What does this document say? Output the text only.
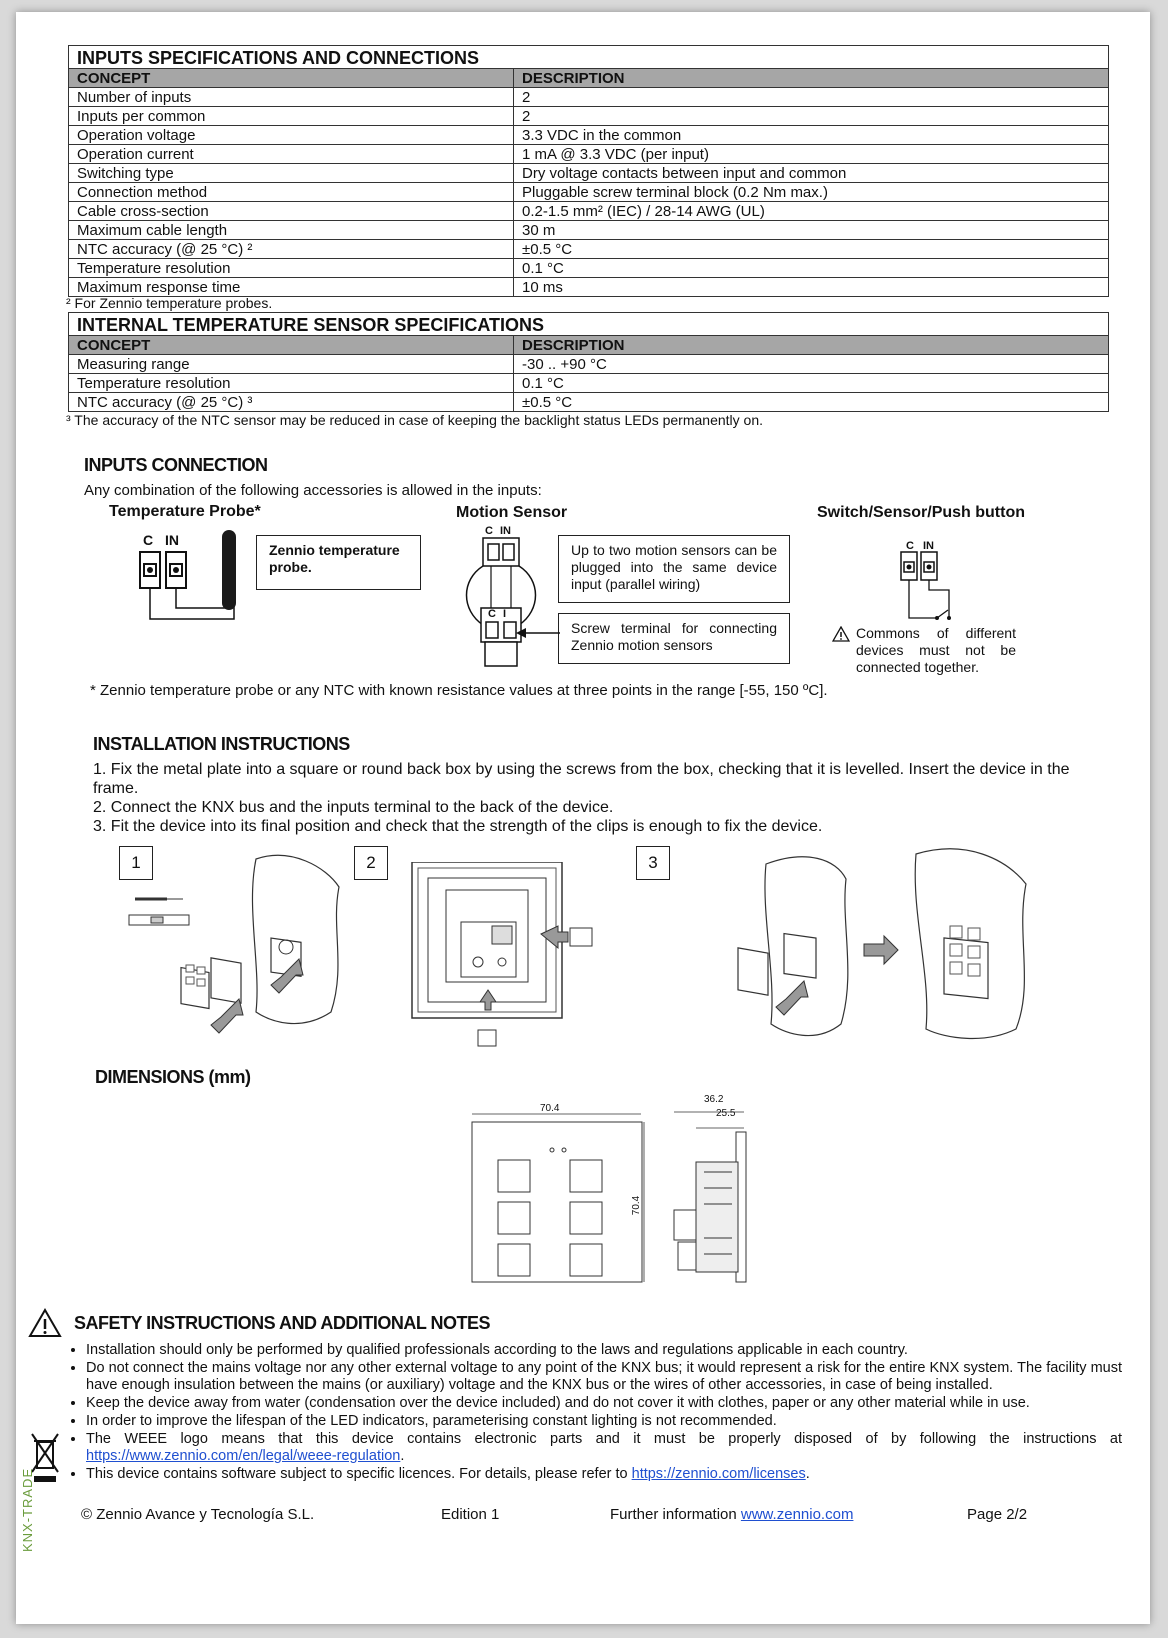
INPUTS SPECIFICATIONS AND CONNECTIONS	
CONCEPT	DESCRIPTION
Number of inputs	2
Inputs per common	2
Operation voltage	3.3 VDC in the common
Operation current	1 mA @ 3.3 VDC (per input)
Switching type	Dry voltage contacts between input and common
Connection method	Pluggable screw terminal block (0.2 Nm max.)
Cable cross-section	0.2-1.5 mm² (IEC) / 28-14 AWG (UL)
Maximum cable length	30 m
NTC accuracy (@ 25 °C) ²	±0.5 °C
Temperature resolution	0.1 °C
Maximum response time	10 ms
² For Zennio temperature probes.
INTERNAL TEMPERATURE SENSOR SPECIFICATIONS	
CONCEPT	DESCRIPTION
Measuring range	-30 .. +90 °C
Temperature resolution	0.1 °C
NTC accuracy (@ 25 °C) ³	±0.5 °C
³ The accuracy of the NTC sensor may be reduced in case of keeping the backlight status LEDs permanently on.
INPUTS CONNECTION
Any combination of the following accessories is allowed in the inputs:
Temperature Probe*	Motion Sensor	Switch/Sensor/Push button
C IN
Zennio temperature probe.
C IN
C I
Up to two motion sensors can be plugged into the same device input (parallel wiring)
Screw terminal for connecting Zennio motion sensors
C IN
Commons of different devices must not be connected together.
* Zennio temperature probe or any NTC with known resistance values at three points in the range [-55, 150 ºC].
INSTALLATION INSTRUCTIONS
1. Fix the metal plate into a square or round back box by using the screws from the box, checking that it is levelled. Insert the device in the frame.
2. Connect the KNX bus and the inputs terminal to the back of the device.
3. Fit the device into its final position and check that the strength of the clips is enough to fix the device.
1	2	3
DIMENSIONS (mm)
70.4
70.4
36.2
25.5
SAFETY INSTRUCTIONS AND ADDITIONAL NOTES
• Installation should only be performed by qualified professionals according to the laws and regulations applicable in each country.
• Do not connect the mains voltage nor any other external voltage to any point of the KNX bus; it would represent a risk for the entire KNX system. The facility must have enough insulation between the mains (or auxiliary) voltage and the KNX bus or the wires of other accessories, in case of being installed.
• Keep the device away from water (condensation over the device included) and do not cover it with clothes, paper or any other material while in use.
• In order to improve the lifespan of the LED indicators, parameterising constant lighting is not recommended.
• The WEEE logo means that this device contains electronic parts and it must be properly disposed of by following the instructions at https://www.zennio.com/en/legal/weee-regulation.
• This device contains software subject to specific licences. For details, please refer to https://zennio.com/licenses.
© Zennio Avance y Tecnología S.L.	Edition 1	Further information www.zennio.com	Page 2/2
KNX-TRADE
